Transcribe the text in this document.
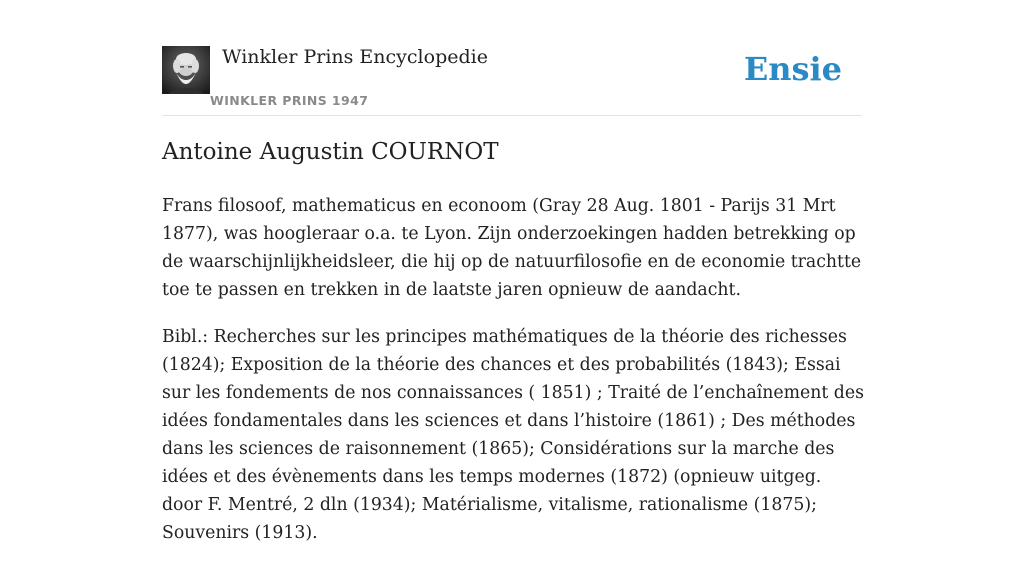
Winkler Prins Encyclopedie
WINKLER PRINS 1947
Ensie
Antoine Augustin COURNOT

Frans filosoof, mathematicus en econoom (Gray 28 Aug. 1801 - Parijs 31 Mrt 1877), was hoogleraar o.a. te Lyon. Zijn onderzoekingen hadden betrekking op de waarschijnlijkheidsleer, die hij op de natuurfilosofie en de economie trachtte toe te passen en trekken in de laatste jaren opnieuw de aandacht.

Bibl.: Recherches sur les principes mathématiques de la théorie des richesses (1824); Exposition de la théorie des chances et des probabilités (1843); Essai sur les fondements de nos connaissances ( 1851) ; Traité de l’enchaînement des idées fondamentales dans les sciences et dans l’histoire (1861) ; Des méthodes dans les sciences de raisonnement (1865); Considérations sur la marche des idées et des évènements dans les temps modernes (1872) (opnieuw uitgeg. door F. Mentré, 2 dln (1934); Matérialisme, vitalisme, rationalisme (1875); Souvenirs (1913).
